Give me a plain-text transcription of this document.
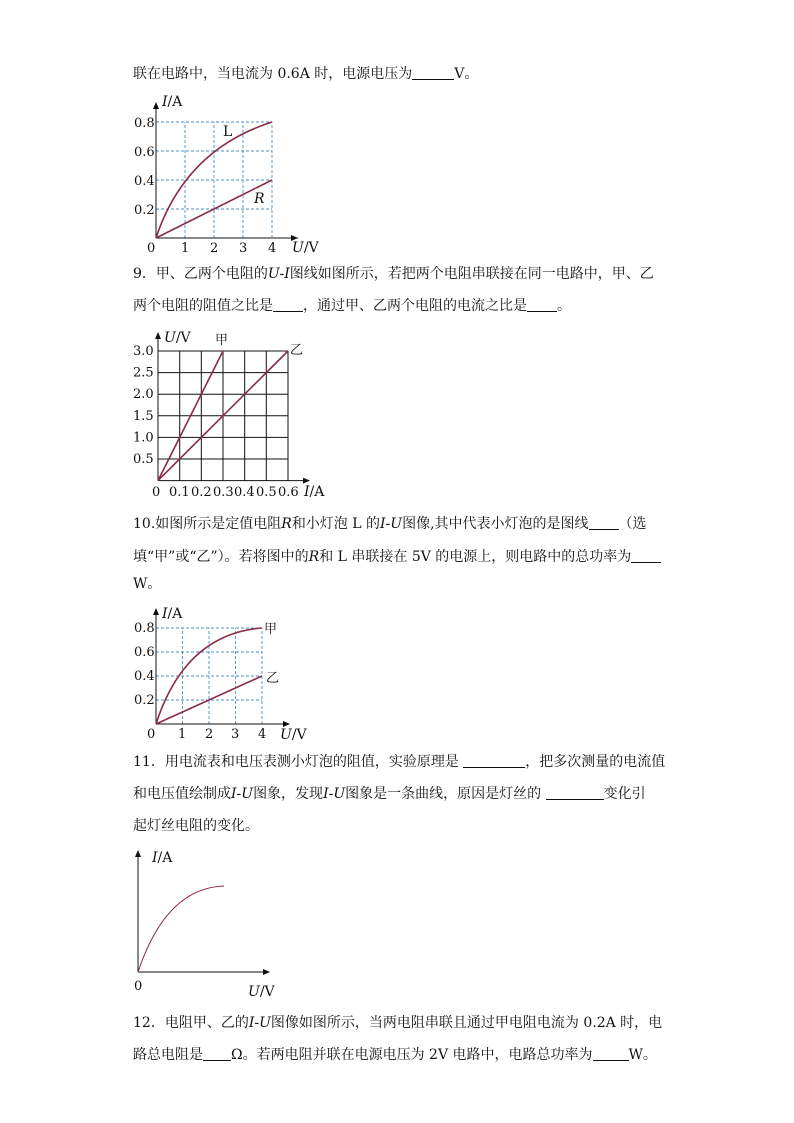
联在电路中，当电流为 0.6A 时，电源电压为	V。
I/A
U/V
0
0.2
0.4
0.6
0.8
1 2 3 4
L
R
9．甲、乙两个电阻的U-I图线如图所示，若把两个电阻串联接在同一电路中，甲、乙
两个电阻的阻值之比是 ，通过甲、乙两个电阻的电流之比是 。
U/V
I/A
0
0.5
1.0
1.5
2.0
2.5
3.0
0.1 0.2 0.3 0.4 0.5 0.6
甲
乙
10.如图所示是定值电阻R和小灯泡 L 的I-U图像,其中代表小灯泡的是图线 （选
填“甲”或“乙”）。若将图中的R和 L 串联接在 5V 的电源上，则电路中的总功率为
W。
I/A
U/V
0
0.2
0.4
0.6
0.8
1 2 3 4
甲
乙
11．用电流表和电压表测小灯泡的阻值，实验原理是	，把多次测量的电流值
和电压值绘制成I-U图象，发现I-U图象是一条曲线，原因是灯丝的	变化引
起灯丝电阻的变化。
I/A
U/V
0
12．电阻甲、乙的I-U图像如图所示，当两电阻串联且通过甲电阻电流为 0.2A 时，电
路总电阻是 Ω。若两电阻并联在电源电压为 2V 电路中，电路总功率为	W。
